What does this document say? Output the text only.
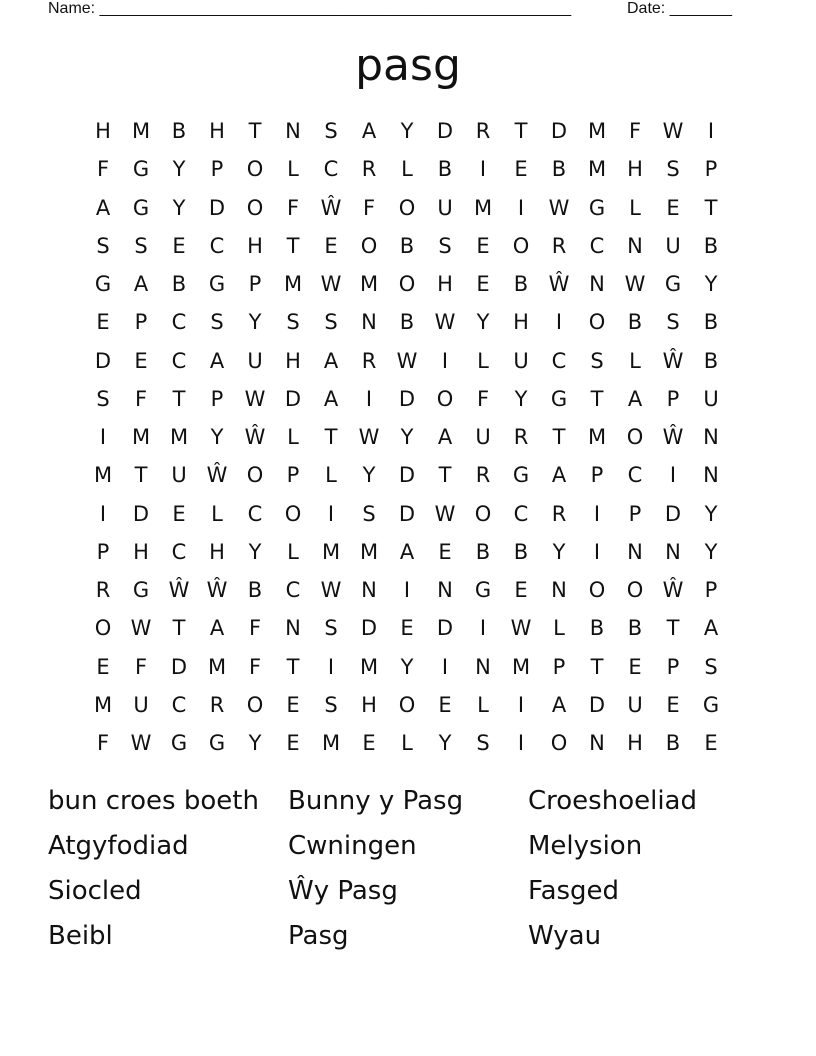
Name: _____________________________________________________	Date: _______
pasg
H	M	B	H	T	N	S	A	Y	D	R	T	D M	F	W	I
F	G	Y	P	O	L	C	R	L	B	I	E	B	M	H	S	P
A	G	Y	D	O	F	Ŵ	F	O	U	M	I	W G	L	E	T
S	S	E	C	H	T	E	O	B	S	E	O	R	C	N	U	B
G	A	B	G	P	M W M O	H	E	B Ŵ N W G	Y
E	P	C	S	Y	S	S	N	B W	Y	H	I	O	B	S	B
D	E	C	A	U	H	A	R W	I	L	U	C	S	L	Ŵ B
S	F	T	P	W D	A	I	D	O	F	Y	G	T	A	P	U
I	M M	Y	Ŵ	L	T	W	Y	A	U	R	T	M O Ŵ N
M	T	U Ŵ O	P	L	Y	D	T	R	G	A	P	C	I	N
I	D	E	L	C	O	I	S	D W O	C	R	I	P	D	Y
P	H	C	H	Y	L	M M	A	E	B	B	Y	I	N	N	Y
R	G Ŵ Ŵ B	C W N	I	N	G	E	N	O	O Ŵ	P
O W	T	A	F	N	S	D	E	D	I	W	L	B	B	T	A
E	F	D M	F	T	I	M	Y	I	N	M	P	T	E	P	S
M	U	C	R	O	E	S	H	O	E	L	I	A	D	U	E	G
F	W G	G	Y	E	M	E	L	Y	S	I	O	N	H	B	E
bun croes boeth	Bunny y Pasg	Croeshoeliad
Atgyfodiad	Cwningen	Melysion
Siocled	Ŵy Pasg	Fasged
Beibl	Pasg	Wyau
